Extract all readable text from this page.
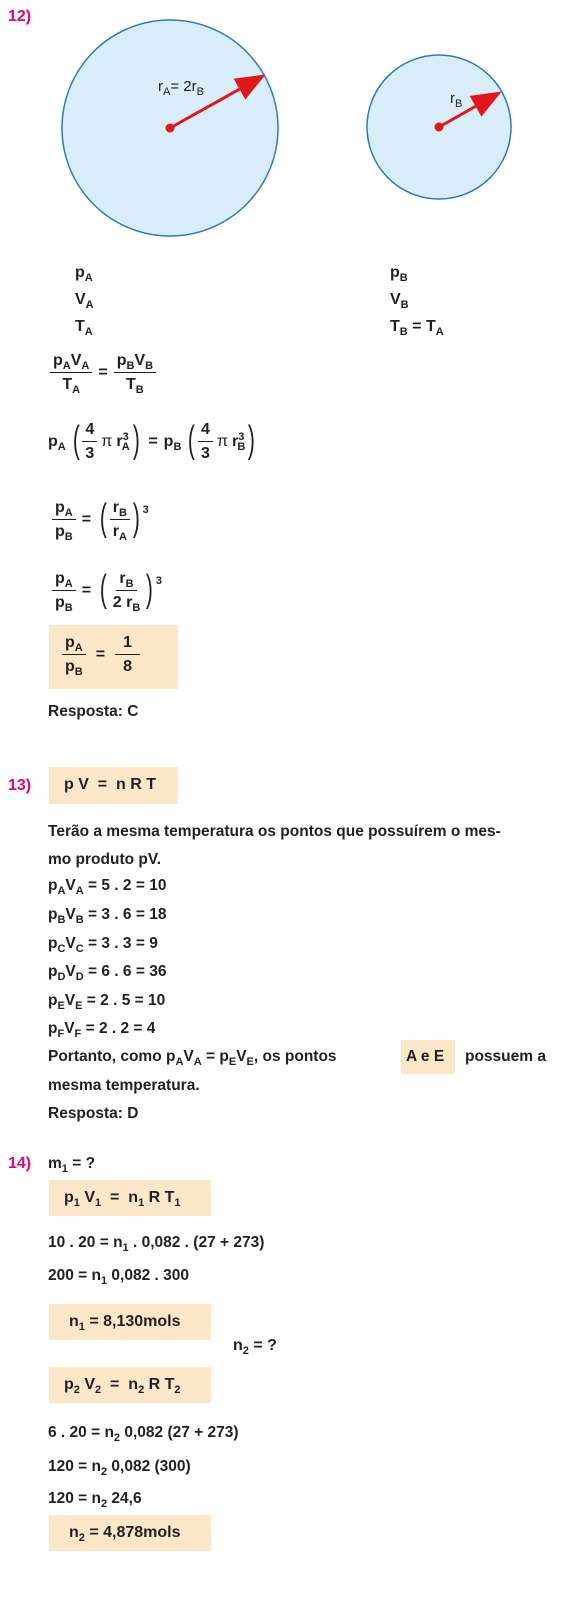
12)
$r_A= 2r_B$	$r_B$
$p_A$
$V_A$
$T_A$
$p_B$
$V_B$
$T_B = T_A$
$\frac{p_AV_A}{T_A} = \frac{p_BV_B}{T_B}$
$p_A$ ( $\frac{4}{3}$ π $r^3_A$ ) = $p_B$ ( $\frac{4}{3}$ π $r^3_B$ )
$\frac{p_A}{p_B}$ = ( $\frac{r_B}{r_A}$ ) 3
$\frac{p_A}{p_B}$ = ( $\frac{r_B}{2 r_B}$ ) 3
$\frac{p_A}{p_B} = \frac{1}{8}$
Resposta: C
13) p V  =  n R T
Terão a mesma temperatura os pontos que possuírem o mes-
mo produto pV.
$p_AV_A = 5$ . 2 = 10
$p_BV_B = 3$ . 6 = 18
$p_CV_C = 3$ . 3 = 9
$p_DV_D = 6$ . 6 = 36
$p_EV_E = 2$ . 5 = 10
$p_FV_F = 2$ . 2 = 4
Portanto, como $p_AV_A = p_EV_E$, os pontos	A e E possuem a
mesma temperatura.
Resposta: D
14) $m_1$ = ?
$p_1$ $V_1 = n_1$ R $T_1$
10 . $20 = n_1$ . 0,082 . (27 + 273)
$200 = n_1$ 0,082 . 300
$n_1$ = 8,130mols
$n_2$ = ?
$p_2$ $V_2 = n_2$ R $T_2$
6 . $20 = n_2$ 0,082 (27 + 273)
$120 = n_2$ 0,082 (300)
$120 = n_2$ 24,6
$n_2$ = 4,878mols
